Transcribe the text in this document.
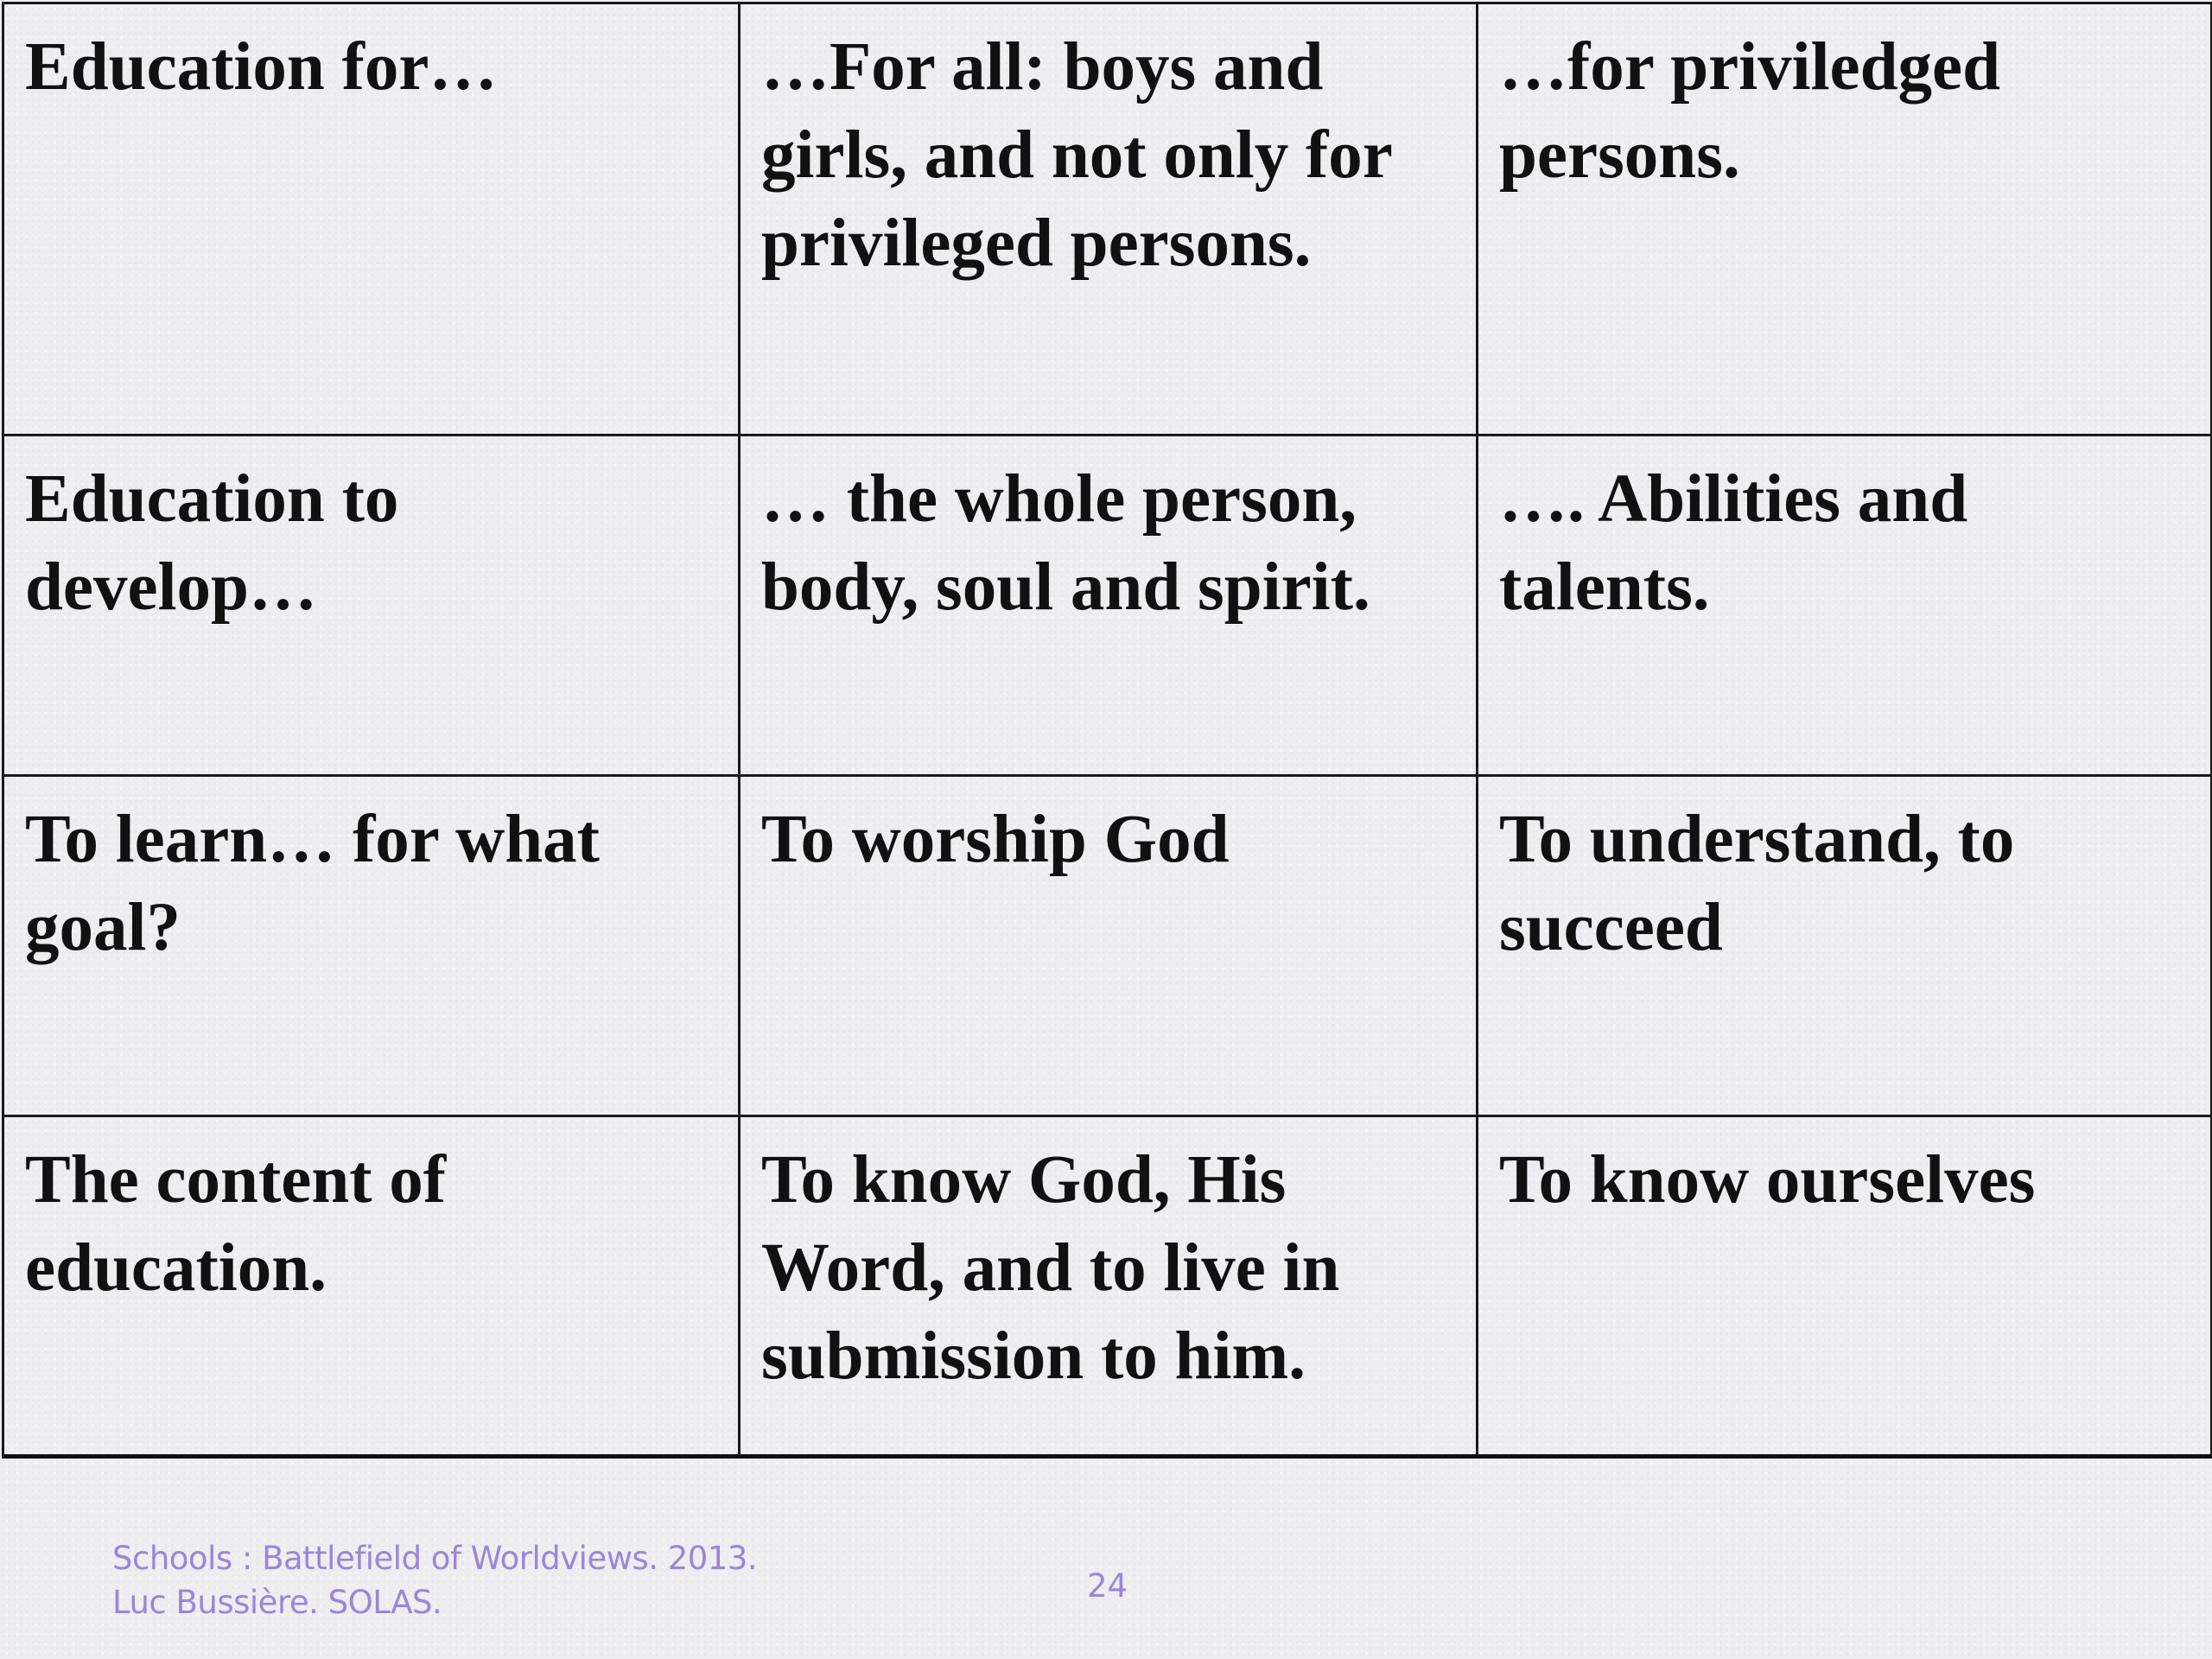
Education for…	…For all: boys and
girls, and not only for
privileged persons.	…for priviledged
persons.

Education to
develop…	… the whole person,
body, soul and spirit.	…. Abilities and
talents.

To learn… for what
goal?	To worship God	To understand, to
succeed

The content of
education.	To know God, His
Word, and to live in
submission to him.	To know ourselves
Schools : Battlefield of Worldviews. 2013.
Luc Bussière. SOLAS.	24
